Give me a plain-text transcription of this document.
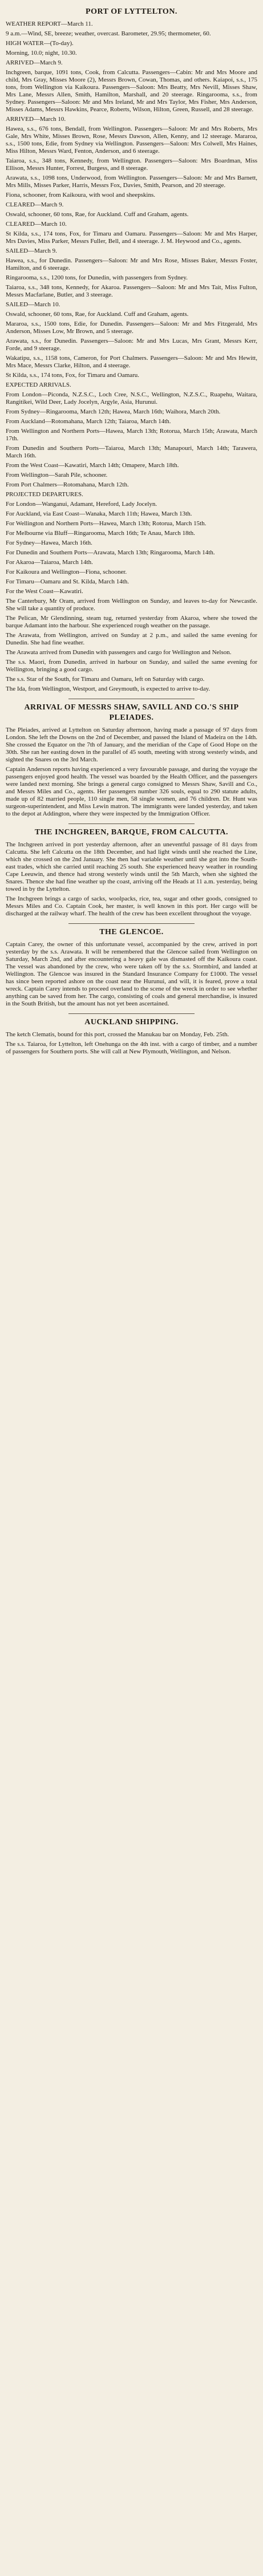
PORT OF LYTTELTON.

WEATHER REPORT—March 11.

9 a.m.—Wind, SE, breeze; weather, overcast. Barometer, 29.95; thermometer, 60.

HIGH WATER—(To-day).

Morning, 10.0; night, 10.30.

ARRIVED—March 9.

Inchgreen, barque, 1091 tons, Cook, from Calcutta. Passengers—Cabin: Mr and Mrs Moore and child, Mrs Gray, Misses Moore (2), Messrs Brown, Cowan, Thomas, and others. Kaiapoi, s.s., 175 tons, from Wellington via Kaikoura. Passengers—Saloon: Mrs Beatty, Mrs Nevill, Misses Shaw, Mrs Lane, Messrs Allen, Smith, Hamilton, Marshall, and 20 steerage. Ringarooma, s.s., from Sydney. Passengers—Saloon: Mr and Mrs Ireland, Mr and Mrs Taylor, Mrs Fisher, Mrs Anderson, Misses Adams, Messrs Hawkins, Pearce, Roberts, Wilson, Hilton, Green, Russell, and 28 steerage.

ARRIVED—March 10.

Hawea, s.s., 676 tons, Bendall, from Wellington. Passengers—Saloon: Mr and Mrs Roberts, Mrs Gale, Mrs White, Misses Brown, Rose, Messrs Dawson, Allen, Kenny, and 12 steerage. Mararoa, s.s., 1500 tons, Edie, from Sydney via Wellington. Passengers—Saloon: Mrs Colwell, Mrs Haines, Miss Hilton, Messrs Ward, Fenton, Anderson, and 6 steerage.

Taiaroa, s.s., 348 tons, Kennedy, from Wellington. Passengers—Saloon: Mrs Boardman, Miss Ellison, Messrs Hunter, Forrest, Burgess, and 8 steerage.

Arawata, s.s., 1098 tons, Underwood, from Wellington. Passengers—Saloon: Mr and Mrs Barnett, Mrs Mills, Misses Parker, Harris, Messrs Fox, Davies, Smith, Pearson, and 20 steerage.

Fiona, schooner, from Kaikoura, with wool and sheepskins.

CLEARED—March 9.

Oswald, schooner, 60 tons, Rae, for Auckland. Cuff and Graham, agents.

CLEARED—March 10.

St Kilda, s.s., 174 tons, Fox, for Timaru and Oamaru. Passengers—Saloon: Mr and Mrs Harper, Mrs Davies, Miss Parker, Messrs Fuller, Bell, and 4 steerage. J. M. Heywood and Co., agents.

SAILED—March 9.

Hawea, s.s., for Dunedin. Passengers—Saloon: Mr and Mrs Rose, Misses Baker, Messrs Foster, Hamilton, and 6 steerage.

Ringarooma, s.s., 1200 tons, for Dunedin, with passengers from Sydney.

Taiaroa, s.s., 348 tons, Kennedy, for Akaroa. Passengers—Saloon: Mr and Mrs Tait, Miss Fulton, Messrs Macfarlane, Butler, and 3 steerage.

SAILED—March 10.

Oswald, schooner, 60 tons, Rae, for Auckland. Cuff and Graham, agents.

Mararoa, s.s., 1500 tons, Edie, for Dunedin. Passengers—Saloon: Mr and Mrs Fitzgerald, Mrs Anderson, Misses Low, Mr Brown, and 5 steerage.

Arawata, s.s., for Dunedin. Passengers—Saloon: Mr and Mrs Lucas, Mrs Grant, Messrs Kerr, Forde, and 9 steerage.

Wakatipu, s.s., 1158 tons, Cameron, for Port Chalmers. Passengers—Saloon: Mr and Mrs Hewitt, Mrs Mace, Messrs Clarke, Hilton, and 4 steerage.

St Kilda, s.s., 174 tons, Fox, for Timaru and Oamaru.

EXPECTED ARRIVALS.

From London—Piconda, N.Z.S.C., Loch Cree, N.S.C., Wellington, N.Z.S.C., Ruapehu, Waitara, Rangitikei, Wild Deer, Lady Jocelyn, Argyle, Asia, Hurunui.

From Sydney—Ringarooma, March 12th; Hawea, March 16th; Waihora, March 20th.

From Auckland—Rotomahana, March 12th; Taiaroa, March 14th.

From Wellington and Northern Ports—Hawea, March 13th; Rotorua, March 15th; Arawata, March 17th.

From Dunedin and Southern Ports—Taiaroa, March 13th; Manapouri, March 14th; Tarawera, March 16th.

From the West Coast—Kawatiri, March 14th; Omapere, March 18th.

From Wellington—Sarah Pile, schooner.

From Port Chalmers—Rotomahana, March 12th.

PROJECTED DEPARTURES.

For London—Wanganui, Adamant, Hereford, Lady Jocelyn.

For Auckland, via East Coast—Wanaka, March 11th; Hawea, March 13th.

For Wellington and Northern Ports—Hawea, March 13th; Rotorua, March 15th.

For Melbourne via Bluff—Ringarooma, March 16th; Te Anau, March 18th.

For Sydney—Hawea, March 16th.

For Dunedin and Southern Ports—Arawata, March 13th; Ringarooma, March 14th.

For Akaroa—Taiaroa, March 14th.

For Kaikoura and Wellington—Fiona, schooner.

For Timaru—Oamaru and St. Kilda, March 14th.

For the West Coast—Kawatiri.

The Canterbury, Mr Oram, arrived from Wellington on Sunday, and leaves to-day for Newcastle. She will take a quantity of produce.

The Pelican, Mr Glendinning, steam tug, returned yesterday from Akaroa, where she towed the barque Adamant into the harbour. She experienced rough weather on the passage.

The Arawata, from Wellington, arrived on Sunday at 2 p.m., and sailed the same evening for Dunedin. She had fine weather.

The Arawata arrived from Dunedin with passengers and cargo for Wellington and Nelson.

The s.s. Maori, from Dunedin, arrived in harbour on Sunday, and sailed the same evening for Wellington, bringing a good cargo.

The s.s. Star of the South, for Timaru and Oamaru, left on Saturday with cargo.

The Ida, from Wellington, Westport, and Greymouth, is expected to arrive to-day.

ARRIVAL OF MESSRS SHAW, SAVILL AND CO.'S SHIP PLEIADES.

The Pleiades, arrived at Lyttelton on Saturday afternoon, having made a passage of 97 days from London. She left the Downs on the 2nd of December, and passed the Island of Madeira on the 14th. She crossed the Equator on the 7th of January, and the meridian of the Cape of Good Hope on the 30th. She ran her easting down in the parallel of 45 south, meeting with strong westerly winds, and sighted the Snares on the 3rd March.

Captain Anderson reports having experienced a very favourable passage, and during the voyage the passengers enjoyed good health. The vessel was boarded by the Health Officer, and the passengers were landed next morning. She brings a general cargo consigned to Messrs Shaw, Savill and Co., and Messrs Miles and Co., agents. Her passengers number 326 souls, equal to 290 statute adults, made up of 82 married people, 110 single men, 58 single women, and 76 children. Dr. Hunt was surgeon-superintendent, and Miss Lewin matron. The immigrants were landed yesterday, and taken to the depot at Addington, where they were inspected by the Immigration Officer.

THE INCHGREEN, BARQUE, FROM CALCUTTA.

The Inchgreen arrived in port yesterday afternoon, after an uneventful passage of 81 days from Calcutta. She left Calcutta on the 18th December, and had light winds until she reached the Line, which she crossed on the 2nd January. She then had variable weather until she got into the South-east trades, which she carried until reaching 25 south. She experienced heavy weather in rounding Cape Leeuwin, and thence had strong westerly winds until the 5th March, when she sighted the Snares. Thence she had fine weather up the coast, arriving off the Heads at 11 a.m. yesterday, being towed in by the Lyttelton.

The Inchgreen brings a cargo of sacks, woolpacks, rice, tea, sugar and other goods, consigned to Messrs Miles and Co. Captain Cook, her master, is well known in this port. Her cargo will be discharged at the railway wharf. The health of the crew has been excellent throughout the voyage.

THE GLENCOE.

Captain Carey, the owner of this unfortunate vessel, accompanied by the crew, arrived in port yesterday by the s.s. Arawata. It will be remembered that the Glencoe sailed from Wellington on Saturday, March 2nd, and after encountering a heavy gale was dismasted off the Kaikoura coast. The vessel was abandoned by the crew, who were taken off by the s.s. Stormbird, and landed at Wellington. The Glencoe was insured in the Standard Insurance Company for £1000. The vessel has since been reported ashore on the coast near the Hurunui, and will, it is feared, prove a total wreck. Captain Carey intends to proceed overland to the scene of the wreck in order to see whether anything can be saved from her. The cargo, consisting of coals and general merchandise, is insured in the South British, but the amount has not yet been ascertained.

AUCKLAND SHIPPING.

The ketch Clematis, bound for this port, crossed the Manukau bar on Monday, Feb. 25th.

The s.s. Taiaroa, for Lyttelton, left Onehunga on the 4th inst. with a cargo of timber, and a number of passengers for Southern ports. She will call at New Plymouth, Wellington, and Nelson.
